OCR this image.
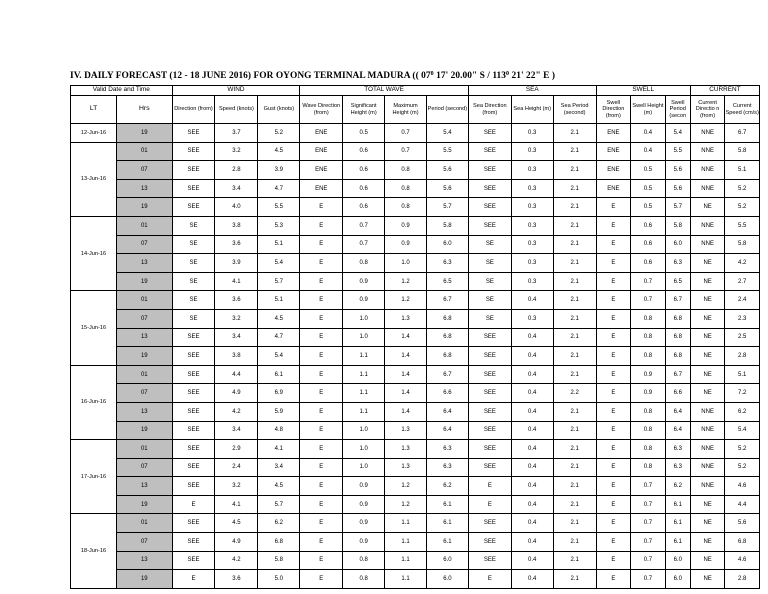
IV. DAILY FORECAST (12 - 18 JUNE 2016) FOR OYONG TERMINAL MADURA (( $07^0$ 17' 20.00" S / $113^0$ 21' 22" E )
Valid Date and Time		WIND			TOTAL WAVE				SEA			SWELL			CURRENT	
LT	Hrs	Direction (from)	Speed (knots)	Gust (knots)	Wave Direction (from)	Significant Height (m)	Maximum Height (m)	Period (second)	Sea Direction (from)	Sea Height (m)	Sea Period (second)	Swell Direction (from)	Swell Height (m)	Swell Period (secon	Current Directio n (from)	Current Speed (cm/s)
12-Jun-16	19	SEE	3.7	5.2	ENE	0.5	0.7	5.4	SEE	0.3	2.1	ENE	0.4	5.4	NNE	6.7
13-Jun-16	01	SEE	3.2	4.5	ENE	0.6	0.7	5.5	SEE	0.3	2.1	ENE	0.4	5.5	NNE	5.8
	07	SEE	2.8	3.9	ENE	0.6	0.8	5.6	SEE	0.3	2.1	ENE	0.5	5.6	NNE	5.1
	13	SEE	3.4	4.7	ENE	0.6	0.8	5.6	SEE	0.3	2.1	ENE	0.5	5.6	NNE	5.2
	19	SEE	4.0	5.5	E	0.6	0.8	5.7	SEE	0.3	2.1	E	0.5	5.7	NE	5.2
14-Jun-16	01	SE	3.8	5.3	E	0.7	0.9	5.8	SEE	0.3	2.1	E	0.6	5.8	NNE	5.5
	07	SE	3.6	5.1	E	0.7	0.9	6.0	SE	0.3	2.1	E	0.6	6.0	NNE	5.8
	13	SE	3.9	5.4	E	0.8	1.0	6.3	SE	0.3	2.1	E	0.6	6.3	NE	4.2
	19	SE	4.1	5.7	E	0.9	1.2	6.5	SE	0.3	2.1	E	0.7	6.5	NE	2.7
15-Jun-16	01	SE	3.6	5.1	E	0.9	1.2	6.7	SE	0.4	2.1	E	0.7	6.7	NE	2.4
	07	SE	3.2	4.5	E	1.0	1.3	6.8	SE	0.3	2.1	E	0.8	6.8	NE	2.3
	13	SEE	3.4	4.7	E	1.0	1.4	6.8	SEE	0.4	2.1	E	0.8	6.8	NE	2.5
	19	SEE	3.8	5.4	E	1.1	1.4	6.8	SEE	0.4	2.1	E	0.8	6.8	NE	2.8
16-Jun-16	01	SEE	4.4	6.1	E	1.1	1.4	6.7	SEE	0.4	2.1	E	0.9	6.7	NE	5.1
	07	SEE	4.9	6.9	E	1.1	1.4	6.6	SEE	0.4	2.2	E	0.9	6.6	NE	7.2
	13	SEE	4.2	5.9	E	1.1	1.4	6.4	SEE	0.4	2.1	E	0.8	6.4	NNE	6.2
	19	SEE	3.4	4.8	E	1.0	1.3	6.4	SEE	0.4	2.1	E	0.8	6.4	NNE	5.4
17-Jun-16	01	SEE	2.9	4.1	E	1.0	1.3	6.3	SEE	0.4	2.1	E	0.8	6.3	NNE	5.2
	07	SEE	2.4	3.4	E	1.0	1.3	6.3	SEE	0.4	2.1	E	0.8	6.3	NNE	5.2
	13	SEE	3.2	4.5	E	0.9	1.2	6.2	E	0.4	2.1	E	0.7	6.2	NNE	4.6
	19	E	4.1	5.7	E	0.9	1.2	6.1	E	0.4	2.1	E	0.7	6.1	NE	4.4
18-Jun-16	01	SEE	4.5	6.2	E	0.9	1.1	6.1	SEE	0.4	2.1	E	0.7	6.1	NE	5.6
	07	SEE	4.9	6.8	E	0.9	1.1	6.1	SEE	0.4	2.1	E	0.7	6.1	NE	6.8
	13	SEE	4.2	5.8	E	0.8	1.1	6.0	SEE	0.4	2.1	E	0.7	6.0	NE	4.6
	19	E	3.6	5.0	E	0.8	1.1	6.0	E	0.4	2.1	E	0.7	6.0	NE	2.8
